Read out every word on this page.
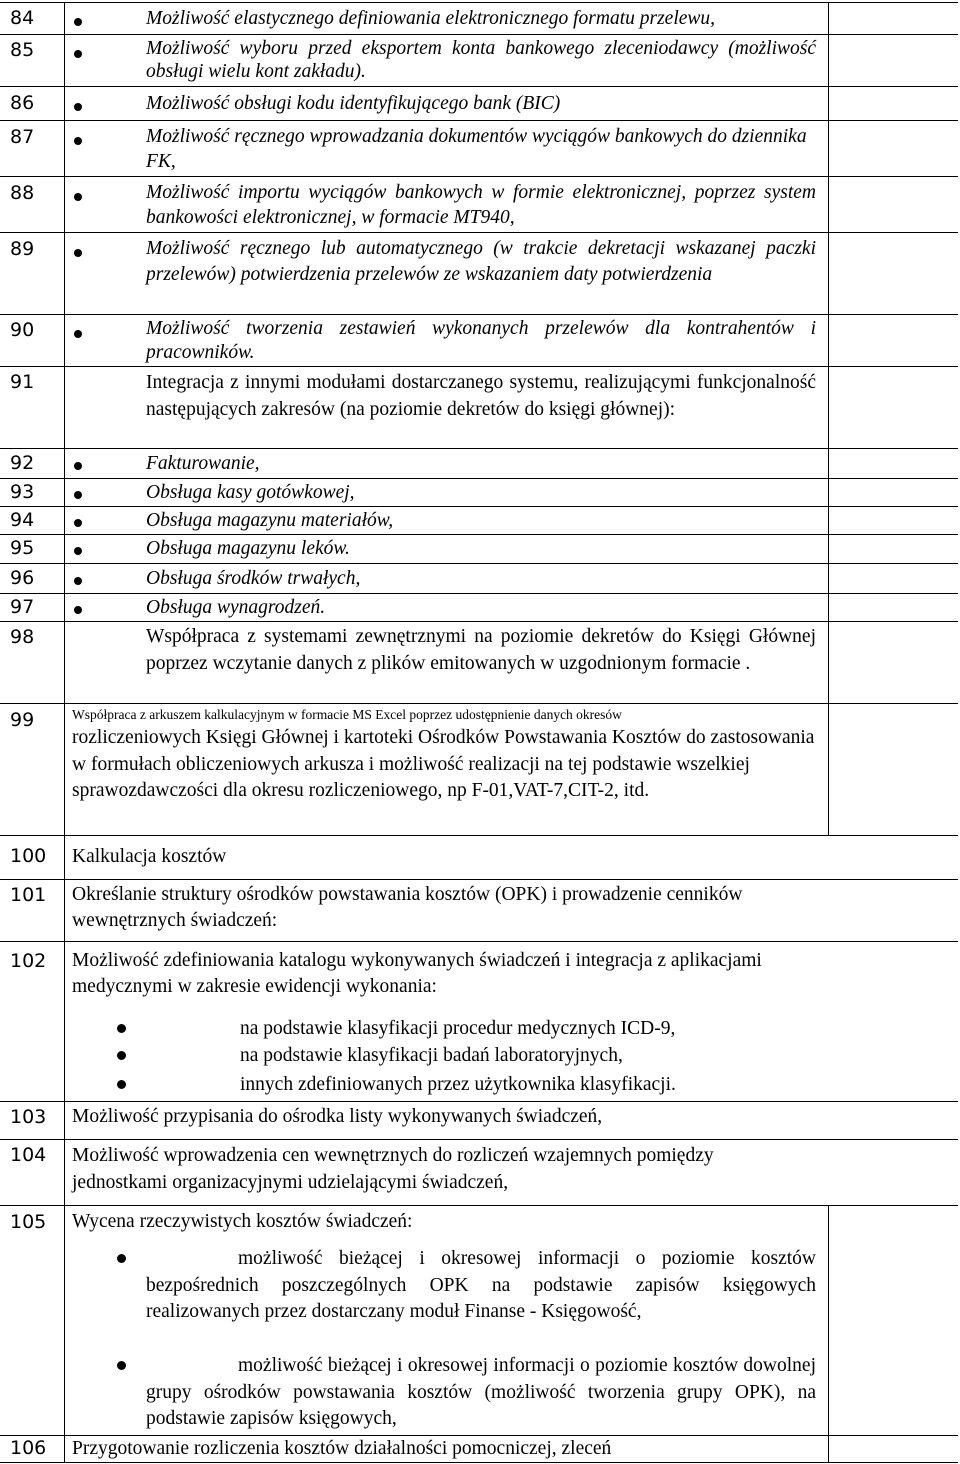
84	Możliwość elastycznego definiowania elektronicznego formatu przelewu,
85	Możliwość wyboru przed eksportem konta bankowego zleceniodawcy (możliwość obsługi wielu kont zakładu).
86	Możliwość obsługi kodu identyfikującego bank (BIC)
87	Możliwość ręcznego wprowadzania dokumentów wyciągów bankowych do dziennika FK,
88	Możliwość importu wyciągów bankowych w formie elektronicznej, poprzez system bankowości elektronicznej, w formacie MT940,
89	Możliwość ręcznego lub automatycznego (w trakcie dekretacji wskazanej paczki przelewów) potwierdzenia przelewów ze wskazaniem daty potwierdzenia
90	Możliwość tworzenia zestawień wykonanych przelewów dla kontrahentów i pracowników.
91	Integracja z innymi modułami dostarczanego systemu, realizującymi funkcjonalność następujących zakresów (na poziomie dekretów do księgi głównej):
92	Fakturowanie,
93	Obsługa kasy gotówkowej,
94	Obsługa magazynu materiałów,
95	Obsługa magazynu leków.
96	Obsługa środków trwałych,
97	Obsługa wynagrodzeń.
98	Współpraca z systemami zewnętrznymi na poziomie dekretów do Księgi Głównej poprzez wczytanie danych z plików emitowanych w uzgodnionym formacie .
99	Współpraca z arkuszem kalkulacyjnym w formacie MS Excel poprzez udostępnienie danych okresów
rozliczeniowych Księgi Głównej i kartoteki Ośrodków Powstawania Kosztów do zastosowania w formułach obliczeniowych arkusza i możliwość realizacji na tej podstawie wszelkiej sprawozdawczości dla okresu rozliczeniowego, np F-01,VAT-7,CIT-2, itd.
100 Kalkulacja kosztów
101 Określanie struktury ośrodków powstawania kosztów (OPK) i prowadzenie cenników wewnętrznych świadczeń:
102 Możliwość zdefiniowania katalogu wykonywanych świadczeń i integracja z aplikacjami medycznymi w zakresie ewidencji wykonania:
na podstawie klasyfikacji procedur medycznych ICD-9,
na podstawie klasyfikacji badań laboratoryjnych,
innych zdefiniowanych przez użytkownika klasyfikacji.
103 Możliwość przypisania do ośrodka listy wykonywanych świadczeń,
104 Możliwość wprowadzenia cen wewnętrznych do rozliczeń wzajemnych pomiędzy jednostkami organizacyjnymi udzielającymi świadczeń,
105 Wycena rzeczywistych kosztów świadczeń:
możliwość bieżącej i okresowej informacji o poziomie kosztów bezpośrednich poszczególnych OPK na podstawie zapisów księgowych realizowanych przez dostarczany moduł Finanse - Księgowość,
możliwość bieżącej i okresowej informacji o poziomie kosztów dowolnej grupy ośrodków powstawania kosztów (możliwość tworzenia grupy OPK), na podstawie zapisów księgowych,
106 Przygotowanie rozliczenia kosztów działalności pomocniczej, zleceń
